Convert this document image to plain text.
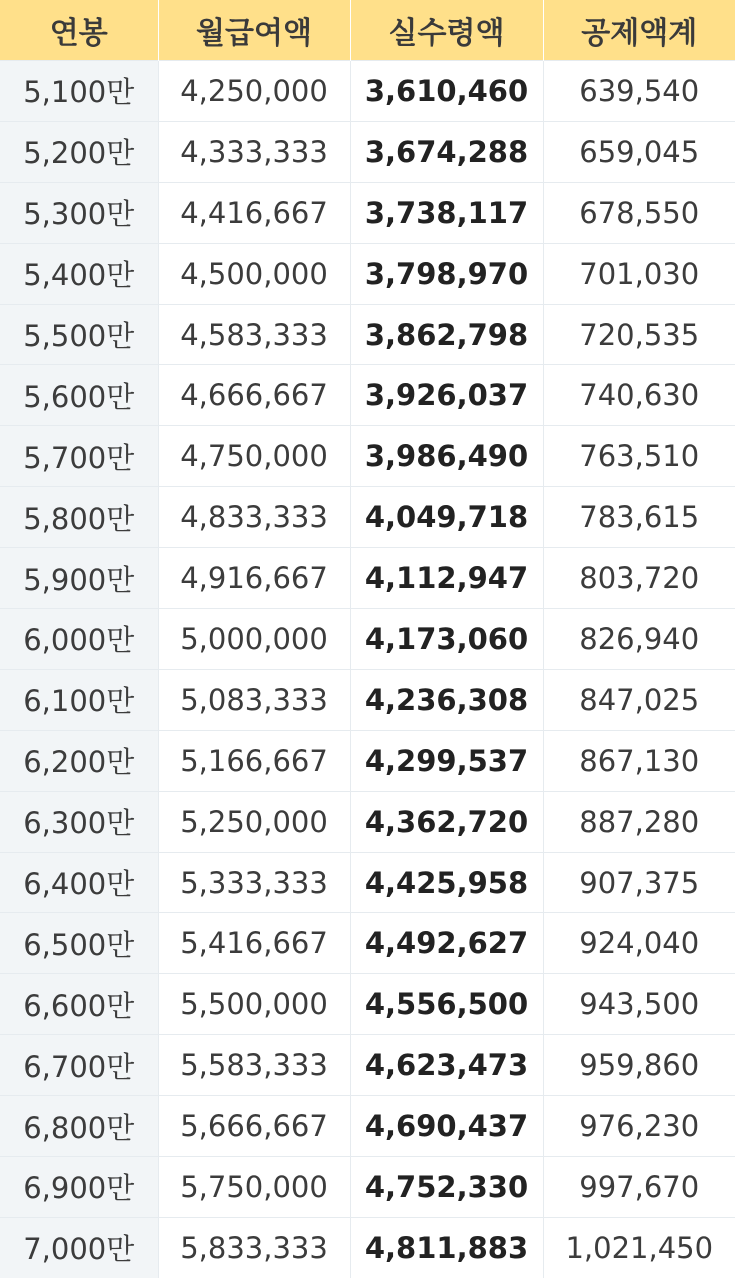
연봉	월급여액	실수령액	공제액계
5,100만	4,250,000	3,610,460	639,540
5,200만	4,333,333	3,674,288	659,045
5,300만	4,416,667	3,738,117	678,550
5,400만	4,500,000	3,798,970	701,030
5,500만	4,583,333	3,862,798	720,535
5,600만	4,666,667	3,926,037	740,630
5,700만	4,750,000	3,986,490	763,510
5,800만	4,833,333	4,049,718	783,615
5,900만	4,916,667	4,112,947	803,720
6,000만	5,000,000	4,173,060	826,940
6,100만	5,083,333	4,236,308	847,025
6,200만	5,166,667	4,299,537	867,130
6,300만	5,250,000	4,362,720	887,280
6,400만	5,333,333	4,425,958	907,375
6,500만	5,416,667	4,492,627	924,040
6,600만	5,500,000	4,556,500	943,500
6,700만	5,583,333	4,623,473	959,860
6,800만	5,666,667	4,690,437	976,230
6,900만	5,750,000	4,752,330	997,670
7,000만	5,833,333	4,811,883	1,021,450
